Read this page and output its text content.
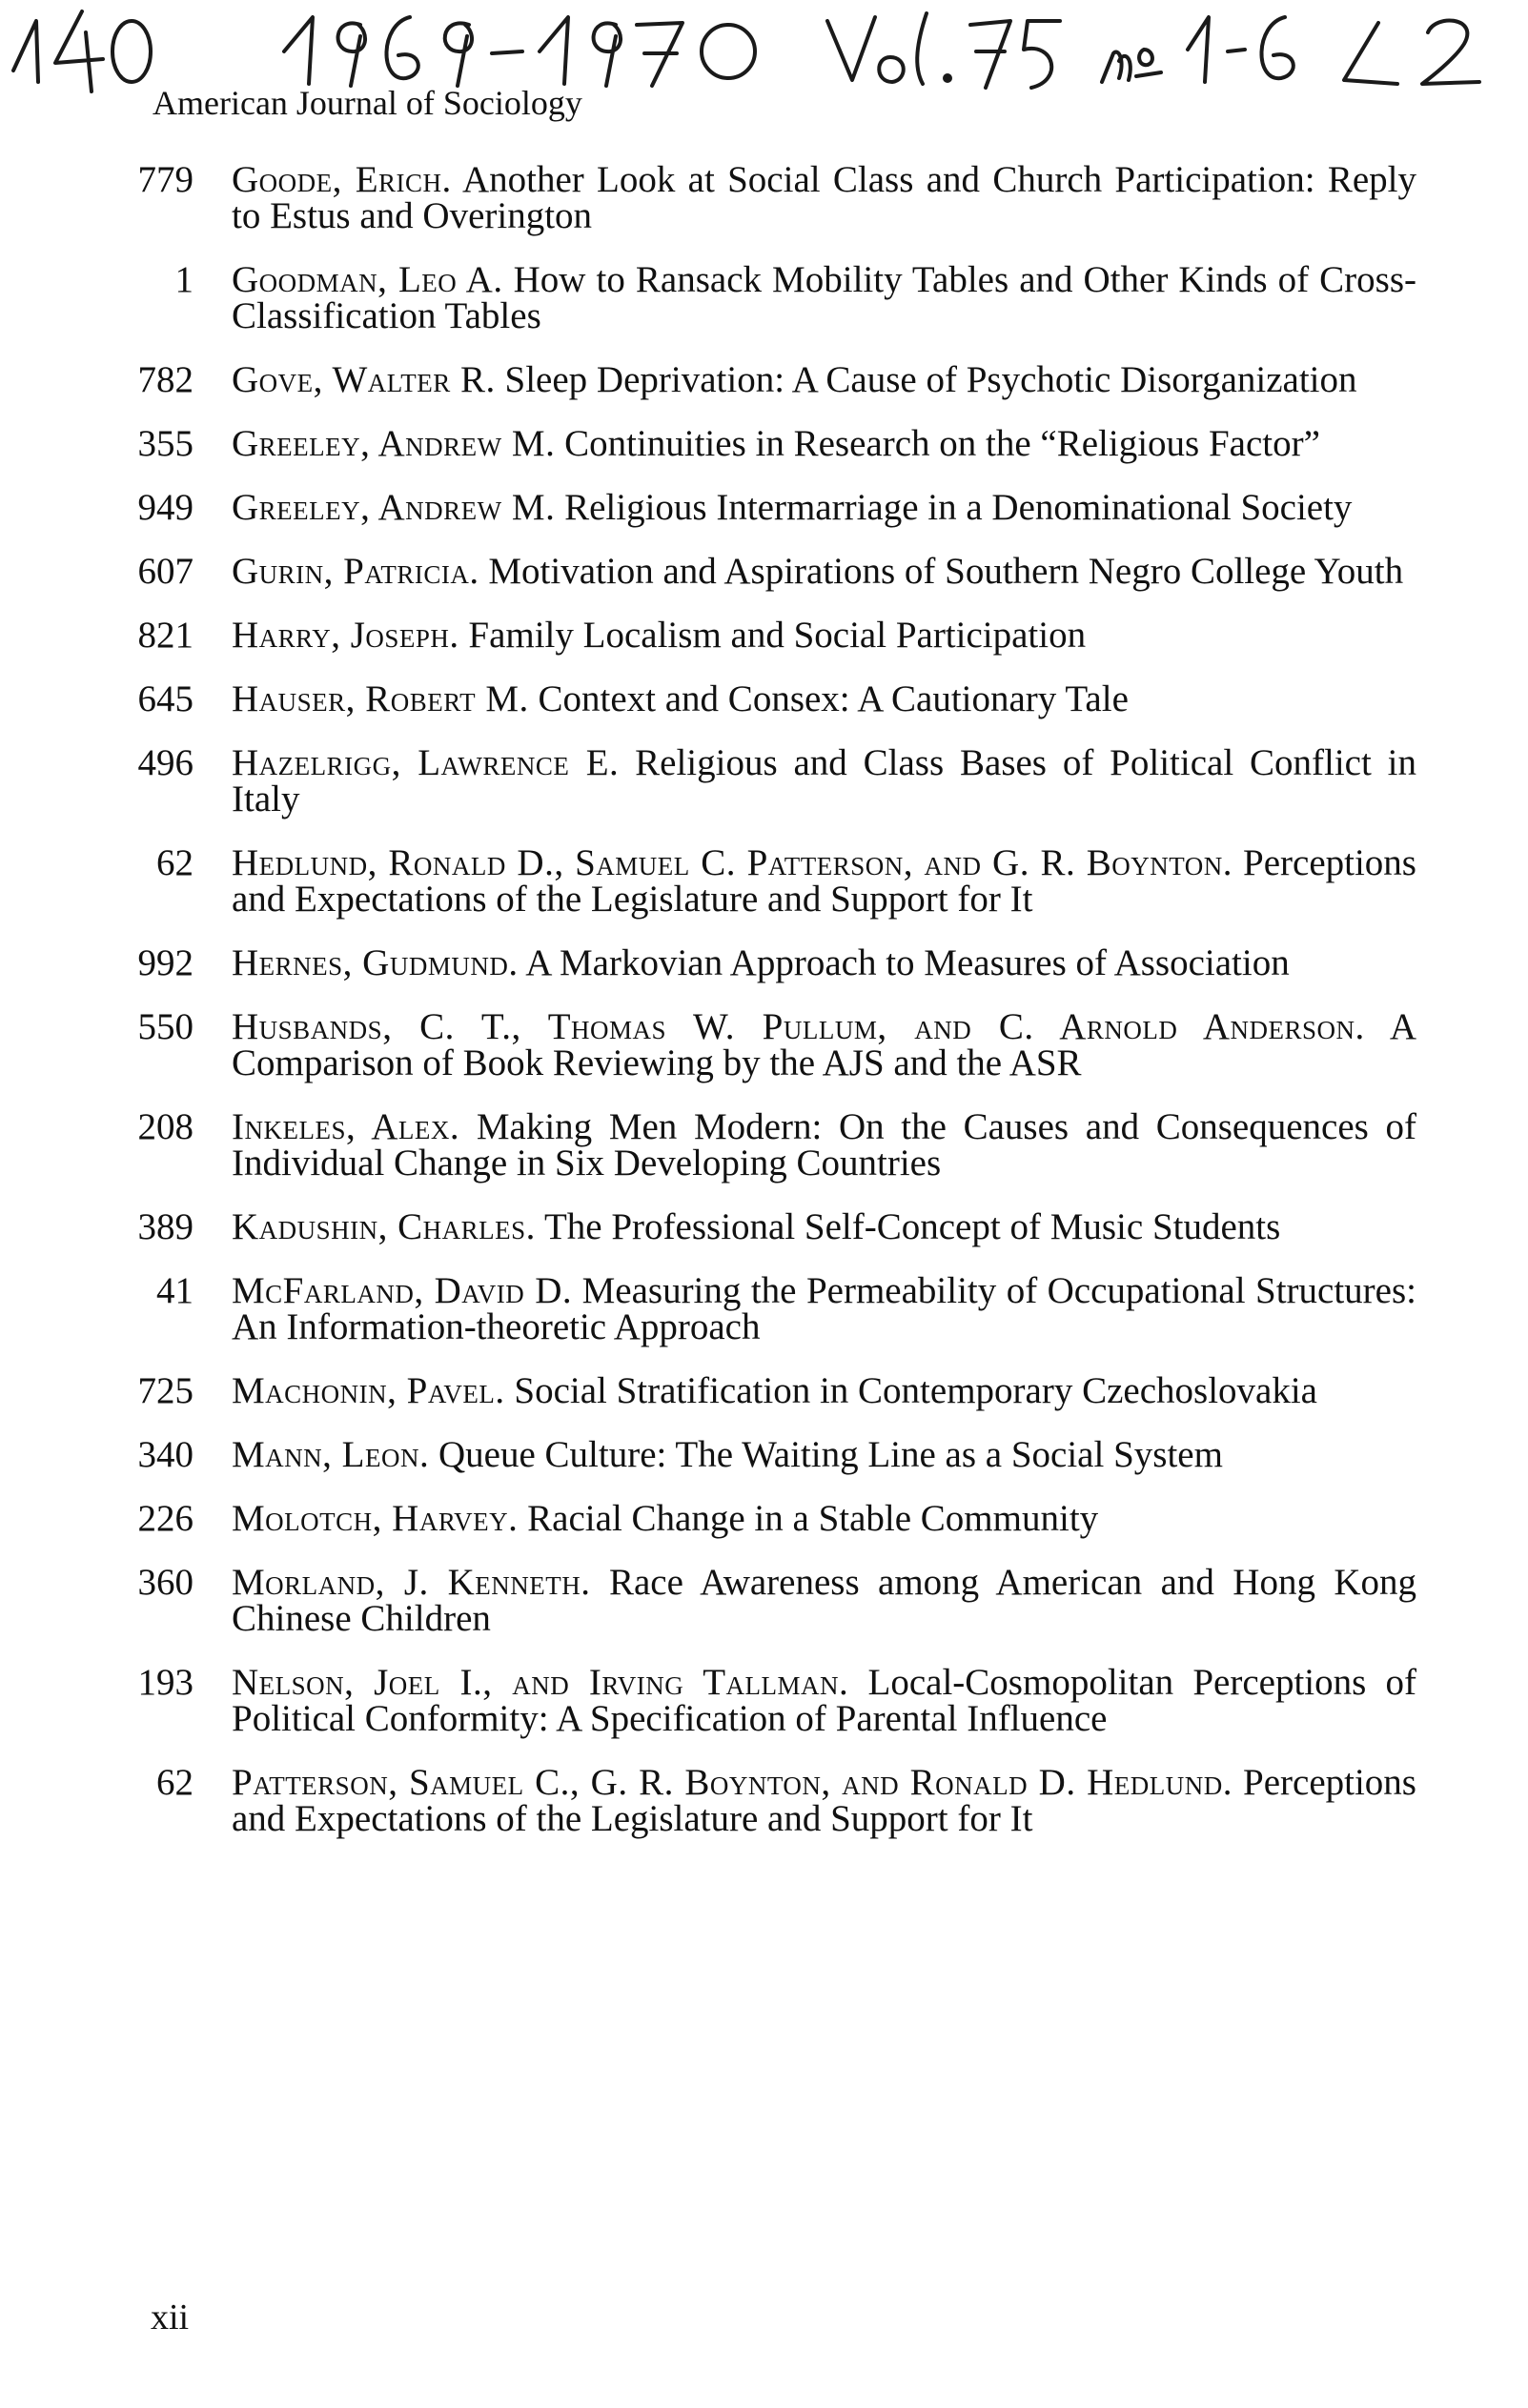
American Journal of Sociology
779	Goode, Erich. Another Look at Social Class and Church Participation: Reply to Estus and Overington
1	Goodman, Leo A. How to Ransack Mobility Tables and Other Kinds of Cross-Classification Tables
782	Gove, Walter R. Sleep Deprivation: A Cause of Psychotic Disorganization
355	Greeley, Andrew M. Continuities in Research on the “Religious Factor”
949	Greeley, Andrew M. Religious Intermarriage in a Denominational Society
607	Gurin, Patricia. Motivation and Aspirations of Southern Negro College Youth
821	Harry, Joseph. Family Localism and Social Participation
645	Hauser, Robert M. Context and Consex: A Cautionary Tale
496	Hazelrigg, Lawrence E. Religious and Class Bases of Political Conflict in Italy
62	Hedlund, Ronald D., Samuel C. Patterson, and G. R. Boynton. Perceptions and Expectations of the Legislature and Support for It
992	Hernes, Gudmund. A Markovian Approach to Measures of Association
550	Husbands, C. T., Thomas W. Pullum, and C. Arnold Anderson. A Comparison of Book Reviewing by the AJS and the ASR
208	Inkeles, Alex. Making Men Modern: On the Causes and Consequences of Individual Change in Six Developing Countries
389	Kadushin, Charles. The Professional Self-Concept of Music Students
41	McFarland, David D. Measuring the Permeability of Occupational Structures: An Information-theoretic Approach
725	Machonin, Pavel. Social Stratification in Contemporary Czechoslovakia
340	Mann, Leon. Queue Culture: The Waiting Line as a Social System
226	Molotch, Harvey. Racial Change in a Stable Community
360	Morland, J. Kenneth. Race Awareness among American and Hong Kong Chinese Children
193	Nelson, Joel I., and Irving Tallman. Local-Cosmopolitan Perceptions of Political Conformity: A Specification of Parental Influence
62	Patterson, Samuel C., G. R. Boynton, and Ronald D. Hedlund. Perceptions and Expectations of the Legislature and Support for It
xii
